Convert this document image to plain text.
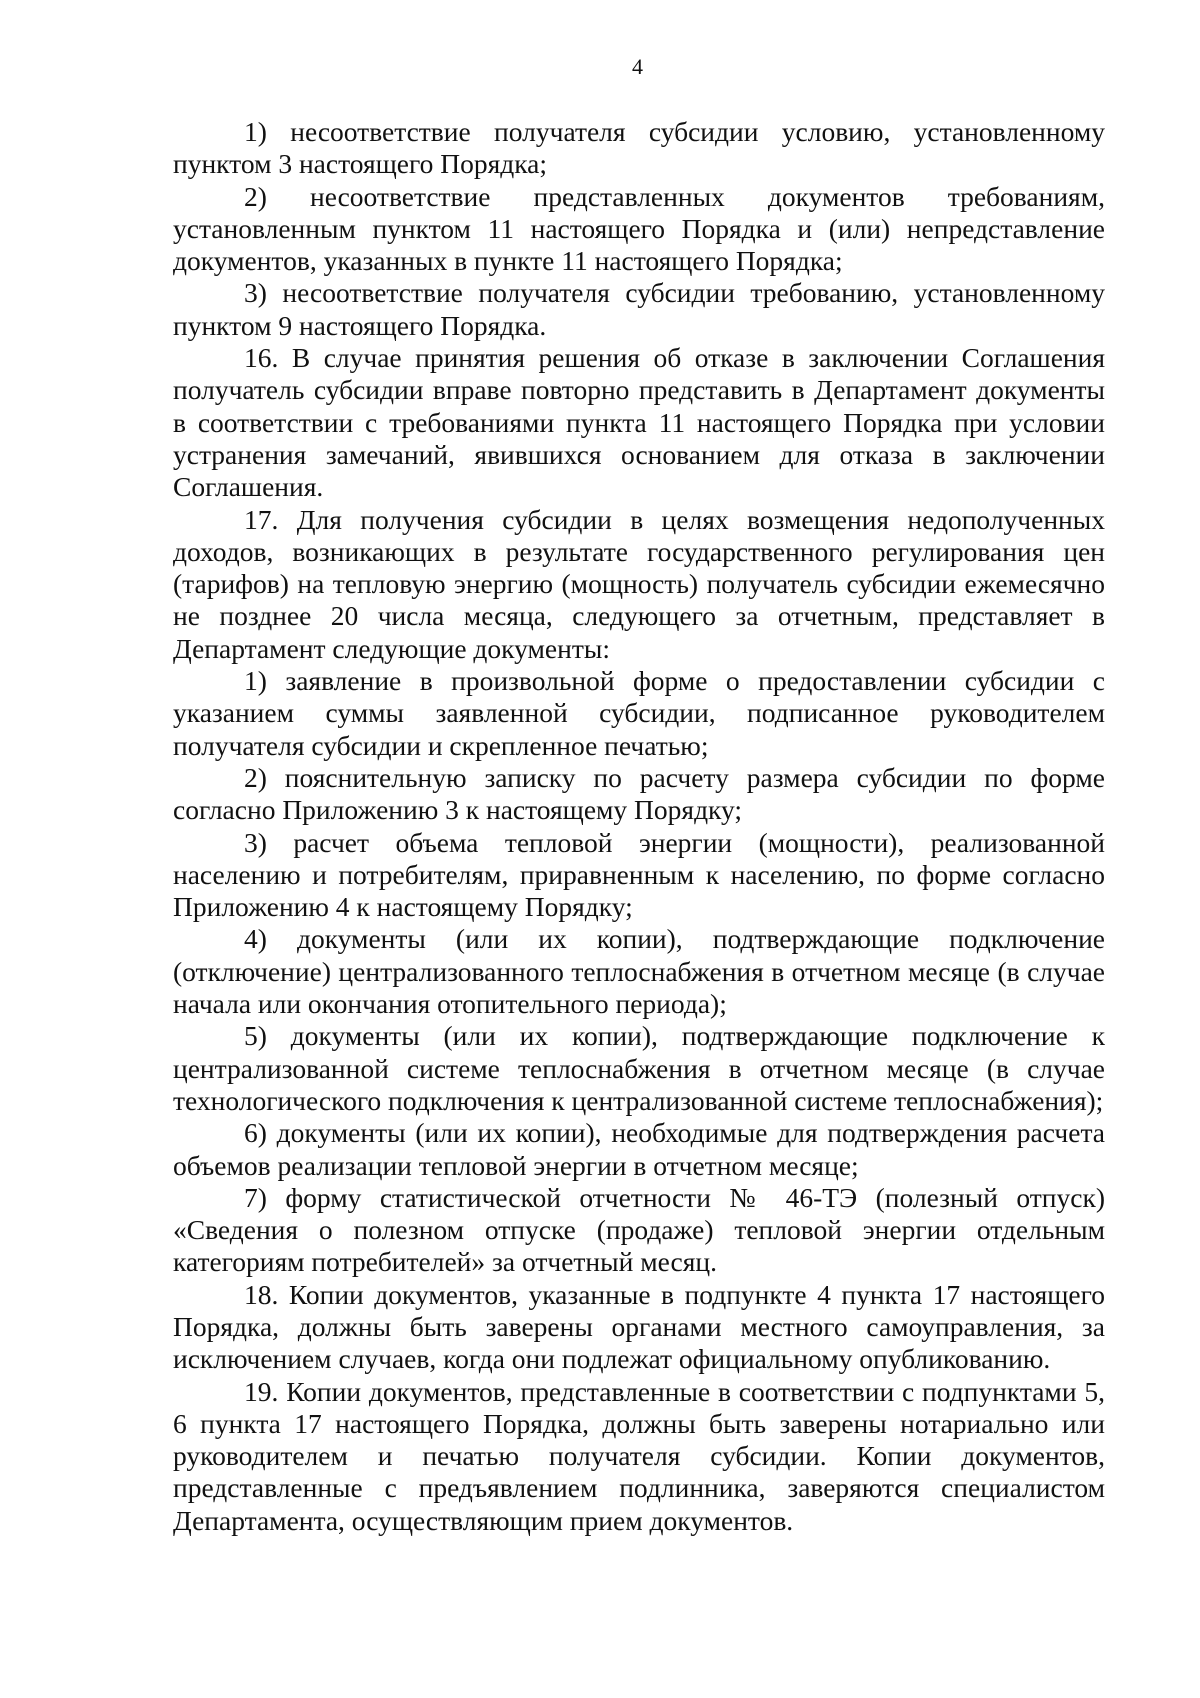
4

1) несоответствие получателя субсидии условию, установленному пунктом 3 настоящего Порядка;

2) несоответствие представленных документов требованиям, установленным пунктом 11 настоящего Порядка и (или) непредставление документов, указанных в пункте 11 настоящего Порядка;

3) несоответствие получателя субсидии требованию, установленному пунктом 9 настоящего Порядка.

16. В случае принятия решения об отказе в заключении Соглашения получатель субсидии вправе повторно представить в Департамент документы в соответствии с требованиями пункта 11 настоящего Порядка при условии устранения замечаний, явившихся основанием для отказа в заключении Соглашения.

17. Для получения субсидии в целях возмещения недополученных доходов, возникающих в результате государственного регулирования цен (тарифов) на тепловую энергию (мощность) получатель субсидии ежемесячно не позднее 20 числа месяца, следующего за отчетным, представляет в Департамент следующие документы:

1) заявление в произвольной форме о предоставлении субсидии с указанием суммы заявленной субсидии, подписанное руководителем получателя субсидии и скрепленное печатью;

2) пояснительную записку по расчету размера субсидии по форме согласно Приложению 3 к настоящему Порядку;

3) расчет объема тепловой энергии (мощности), реализованной населению и потребителям, приравненным к населению, по форме согласно Приложению 4 к настоящему Порядку;

4) документы (или их копии), подтверждающие подключение (отключение) централизованного теплоснабжения в отчетном месяце (в случае начала или окончания отопительного периода);

5) документы (или их копии), подтверждающие подключение к централизованной системе теплоснабжения в отчетном месяце (в случае технологического подключения к централизованной системе теплоснабжения);

6) документы (или их копии), необходимые для подтверждения расчета объемов реализации тепловой энергии в отчетном месяце;

7) форму статистической отчетности № 46-ТЭ (полезный отпуск) «Сведения о полезном отпуске (продаже) тепловой энергии отдельным категориям потребителей» за отчетный месяц.

18. Копии документов, указанные в подпункте 4 пункта 17 настоящего Порядка, должны быть заверены органами местного самоуправления, за исключением случаев, когда они подлежат официальному опубликованию.

19. Копии документов, представленные в соответствии с подпунктами 5, 6 пункта 17 настоящего Порядка, должны быть заверены нотариально или руководителем и печатью получателя субсидии. Копии документов, представленные с предъявлением подлинника, заверяются специалистом Департамента, осуществляющим прием документов.
